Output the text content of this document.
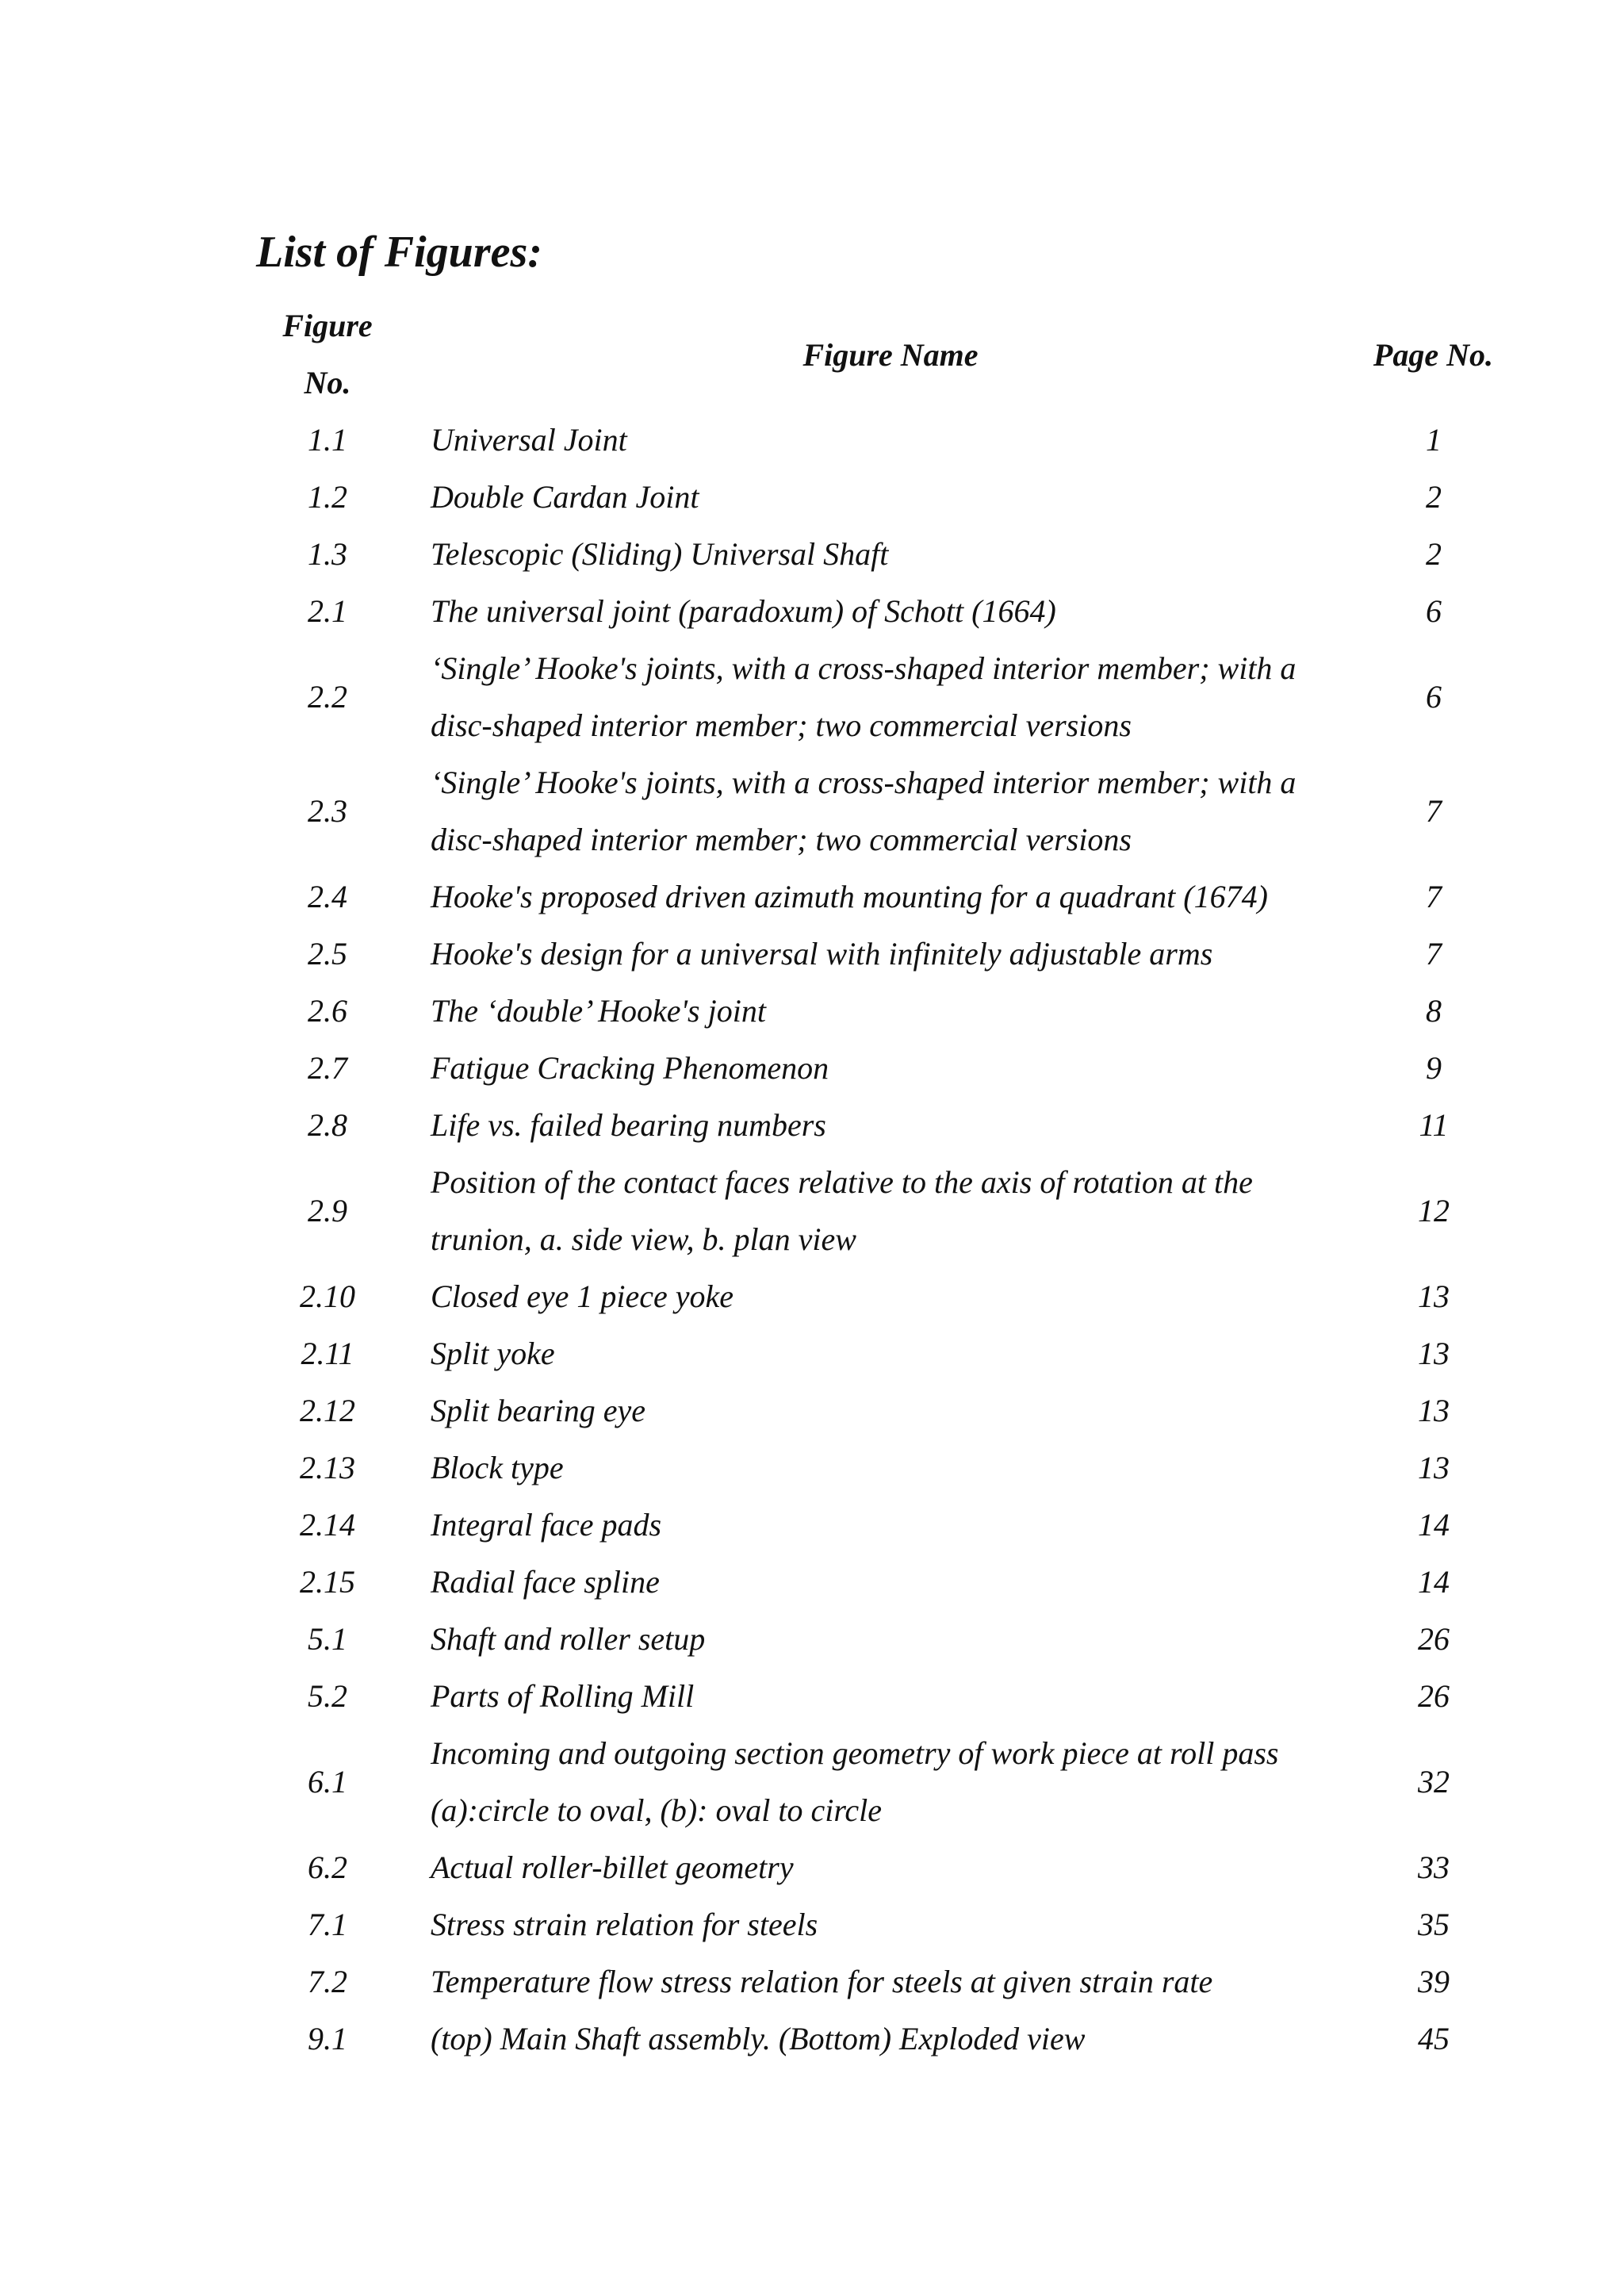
List of Figures:
Figure No.		Figure Name	Page No.
1.1		Universal Joint	1
1.2		Double Cardan Joint	2
1.3		Telescopic (Sliding) Universal Shaft	2
2.1		The universal joint (paradoxum) of Schott (1664)	6
2.2		‘Single’ Hooke's joints, with a cross-shaped interior member; with a disc-shaped interior member; two commercial versions	6
2.3		‘Single’ Hooke's joints, with a cross-shaped interior member; with a disc-shaped interior member; two commercial versions	7
2.4		Hooke's proposed driven azimuth mounting for a quadrant (1674)	7
2.5		Hooke's design for a universal with infinitely adjustable arms	7
2.6		The ‘double’ Hooke's joint	8
2.7		Fatigue Cracking Phenomenon	9
2.8		Life vs. failed bearing numbers	11
2.9		Position of the contact faces relative to the axis of rotation at the trunion, a. side view, b. plan view	12
2.10		Closed eye 1 piece yoke	13
2.11		Split yoke	13
2.12		Split bearing eye	13
2.13		Block type	13
2.14		Integral face pads	14
2.15		Radial face spline	14
5.1		Shaft and roller setup	26
5.2		Parts of Rolling Mill	26
6.1		Incoming and outgoing section geometry of work piece at roll pass (a):circle to oval, (b): oval to circle	32
6.2		Actual roller-billet geometry	33
7.1		Stress strain relation for steels	35
7.2		Temperature flow stress relation for steels at given strain rate	39
9.1		(top) Main Shaft assembly. (Bottom) Exploded view	45
